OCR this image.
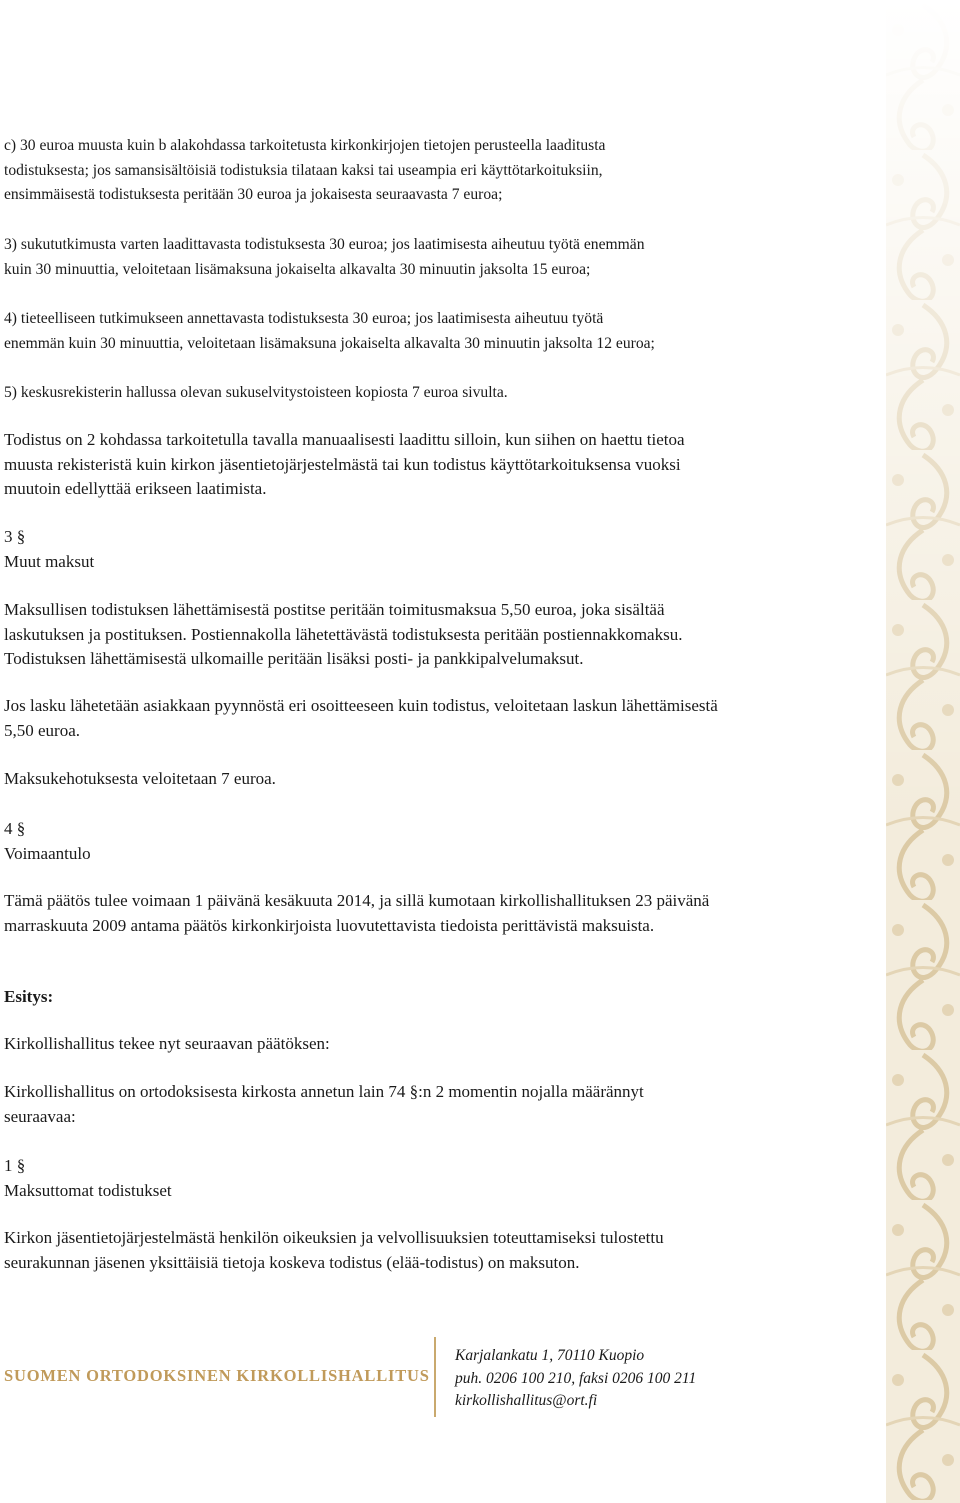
c) 30 euroa muusta kuin b alakohdassa tarkoitetusta kirkonkirjojen tietojen perusteella laaditusta
todistuksesta; jos samansisältöisiä todistuksia tilataan kaksi tai useampia eri käyttötarkoituksiin,
ensimmäisestä todistuksesta peritään 30 euroa ja jokaisesta seuraavasta 7 euroa;

3) sukututkimusta varten laadittavasta todistuksesta 30 euroa; jos laatimisesta aiheutuu työtä enemmän
kuin 30 minuuttia, veloitetaan lisämaksuna jokaiselta alkavalta 30 minuutin jaksolta 15 euroa;

4) tieteelliseen tutkimukseen annettavasta todistuksesta 30 euroa; jos laatimisesta aiheutuu työtä
enemmän kuin 30 minuuttia, veloitetaan lisämaksuna jokaiselta alkavalta 30 minuutin jaksolta 12 euroa;

5) keskusrekisterin hallussa olevan sukuselvitystoisteen kopiosta 7 euroa sivulta.

Todistus on 2 kohdassa tarkoitetulla tavalla manuaalisesti laadittu silloin, kun siihen on haettu tietoa
muusta rekisteristä kuin kirkon jäsentietojärjestelmästä tai kun todistus käyttötarkoituksensa vuoksi
muutoin edellyttää erikseen laatimista.

3 §
Muut maksut

Maksullisen todistuksen lähettämisestä postitse peritään toimitusmaksua 5,50 euroa, joka sisältää
laskutuksen ja postituksen. Postiennakolla lähetettävästä todistuksesta peritään postiennakkomaksu.
Todistuksen lähettämisestä ulkomaille peritään lisäksi posti- ja pankkipalvelumaksut.

Jos lasku lähetetään asiakkaan pyynnöstä eri osoitteeseen kuin todistus, veloitetaan laskun lähettämisestä
5,50 euroa.

Maksukehotuksesta veloitetaan 7 euroa.

4 §
Voimaantulo

Tämä päätös tulee voimaan 1 päivänä kesäkuuta 2014, ja sillä kumotaan kirkollishallituksen 23 päivänä
marraskuuta 2009 antama päätös kirkonkirjoista luovutettavista tiedoista perittävistä maksuista.

Esitys:

Kirkollishallitus tekee nyt seuraavan päätöksen:

Kirkollishallitus on ortodoksisesta kirkosta annetun lain 74 §:n 2 momentin nojalla määrännyt
seuraavaa:

1 §
Maksuttomat todistukset

Kirkon jäsentietojärjestelmästä henkilön oikeuksien ja velvollisuuksien toteuttamiseksi tulostettu
seurakunnan jäsenen yksittäisiä tietoja koskeva todistus (elää-todistus) on maksuton.

SUOMEN ORTODOKSINEN KIRKOLLISHALLITUS
Karjalankatu 1, 70110 Kuopio
puh. 0206 100 210, faksi 0206 100 211
kirkollishallitus@ort.fi
